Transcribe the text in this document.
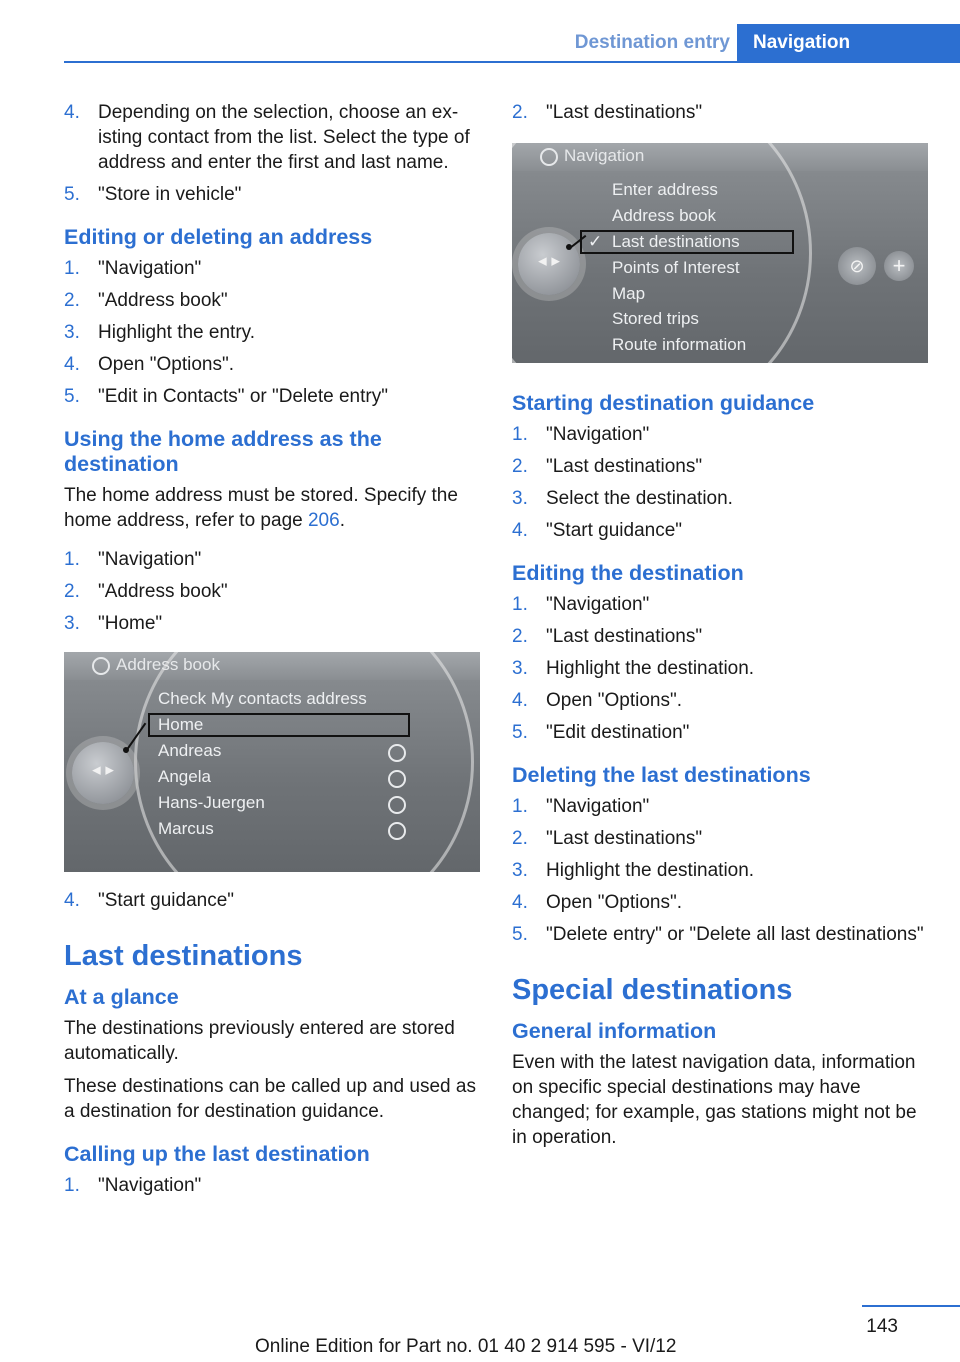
Destination entry	Navigation
4. Depending on the selection, choose an existing contact from the list. Select the type of address and enter the first and last name.
5. "Store in vehicle"
Editing or deleting an address
1. "Navigation"
2. "Address book"
3. Highlight the entry.
4. Open "Options".
5. "Edit in Contacts" or "Delete entry"
Using the home address as the destination

The home address must be stored. Specify the home address, refer to page 206.

1. "Navigation"
2. "Address book"
3. "Home"
Address book
◂ ▸
Check My contacts address
Home
Andreas
Angela
Hans-Juergen
Marcus
4. "Start guidance"
Last destinations
At a glance

The destinations previously entered are stored automatically.

These destinations can be called up and used as a destination for destination guidance.

Calling up the last destination
1. "Navigation"
2. "Last destinations"
Navigation
◂ ▸
Enter address
Address book
✓ Last destinations
Points of Interest
Map
Stored trips
Route information
⊘	+
Starting destination guidance
1. "Navigation"
2. "Last destinations"
3. Select the destination.
4. "Start guidance"
Editing the destination
1. "Navigation"
2. "Last destinations"
3. Highlight the destination.
4. Open "Options".
5. "Edit destination"
Deleting the last destinations
1. "Navigation"
2. "Last destinations"
3. Highlight the destination.
4. Open "Options".
5. "Delete entry" or "Delete all last destinations"
Special destinations
General information

Even with the latest navigation data, information on specific special destinations may have changed; for example, gas stations might not be in operation.

143
Online Edition for Part no. 01 40 2 914 595 - VI/12
